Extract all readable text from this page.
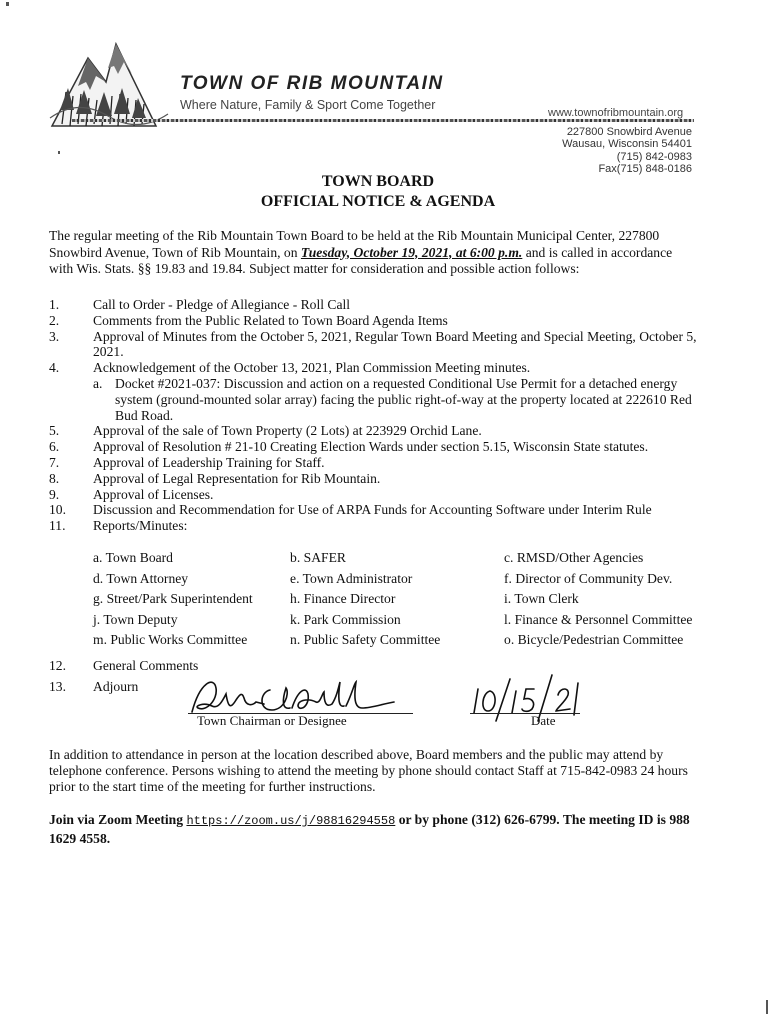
TOWN OF RIB MOUNTAIN
Where Nature, Family & Sport Come Together
www.townofribmountain.org
227800 Snowbird Avenue
Wausau, Wisconsin 54401
(715) 842-0983
Fax(715) 848-0186
TOWN BOARD
OFFICIAL NOTICE & AGENDA
The regular meeting of the Rib Mountain Town Board to be held at the Rib Mountain Municipal Center, 227800 Snowbird Avenue, Town of Rib Mountain, on Tuesday, October 19, 2021, at 6:00 p.m. and is called in accordance with Wis. Stats. §§ 19.83 and 19.84. Subject matter for consideration and possible action follows:
1.	Call to Order - Pledge of Allegiance - Roll Call
2.	Comments from the Public Related to Town Board Agenda Items
3.	Approval of Minutes from the October 5, 2021, Regular Town Board Meeting and Special Meeting, October 5, 2021.
4.	Acknowledgement of the October 13, 2021, Plan Commission Meeting minutes.
a. Docket #2021-037: Discussion and action on a requested Conditional Use Permit for a detached energy system (ground-mounted solar array) facing the public right-of-way at the property located at 222610 Red Bud Road.
5.	Approval of the sale of Town Property (2 Lots) at 223929 Orchid Lane.
6.	Approval of Resolution # 21-10 Creating Election Wards under section 5.15, Wisconsin State statutes.
7.	Approval of Leadership Training for Staff.
8.	Approval of Legal Representation for Rib Mountain.
9.	Approval of Licenses.
10.	Discussion and Recommendation for Use of ARPA Funds for Accounting Software under Interim Rule
11.	Reports/Minutes:
a. Town Board	b. SAFER	c. RMSD/Other Agencies
d. Town Attorney	e. Town Administrator	f. Director of Community Dev.
g. Street/Park Superintendent	h. Finance Director	i. Town Clerk
j. Town Deputy	k. Park Commission	l. Finance & Personnel Committee
m. Public Works Committee	n. Public Safety Committee	o. Bicycle/Pedestrian Committee
12.	General Comments
13.	Adjourn
Town Chairman or Designee	Date
In addition to attendance in person at the location described above, Board members and the public may attend by telephone conference. Persons wishing to attend the meeting by phone should contact Staff at 715-842-0983 24 hours prior to the start time of the meeting for further instructions.
Join via Zoom Meeting https://zoom.us/j/98816294558 or by phone (312) 626-6799. The meeting ID is 988 1629 4558.
